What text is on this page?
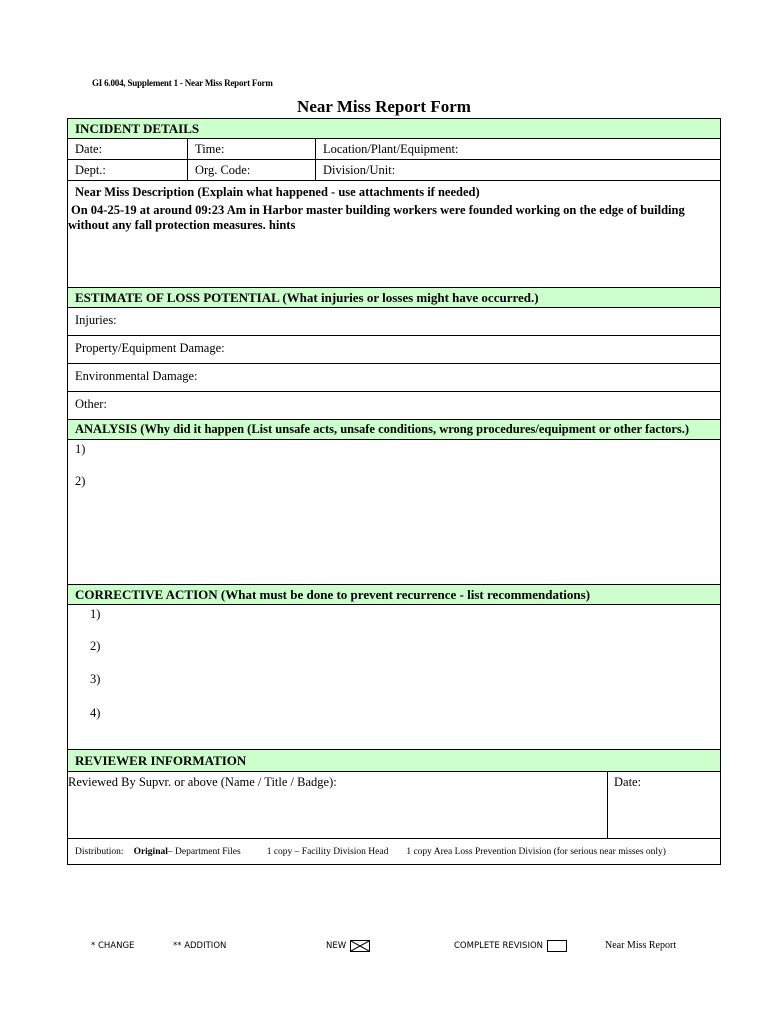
GI 6.004, Supplement 1 - Near Miss Report Form
Near Miss Report Form
INCIDENT DETAILS
Date:	Time:	Location/Plant/Equipment:
Dept.:	Org. Code:	Division/Unit:
Near Miss Description (Explain what happened - use attachments if needed)
On 04-25-19 at around 09:23 Am in Harbor master building workers were founded working on the edge of building
without any fall protection measures. hints
ESTIMATE OF LOSS POTENTIAL (What injuries or losses might have occurred.)
Injuries:
Property/Equipment Damage:
Environmental Damage:
Other:
ANALYSIS (Why did it happen (List unsafe acts, unsafe conditions, wrong procedures/equipment or other factors.)
1)
2)
CORRECTIVE ACTION (What must be done to prevent recurrence - list recommendations)
1)
2)
3)
4)
REVIEWER INFORMATION
Reviewed By Supvr. or above (Name / Title / Badge):	Date:
Distribution: Original – Department Files	1 copy – Facility Division Head 1 copy Area Loss Prevention Division (for serious near misses only)
* CHANGE	** ADDITION	NEW	COMPLETE REVISION	Near Miss Report
